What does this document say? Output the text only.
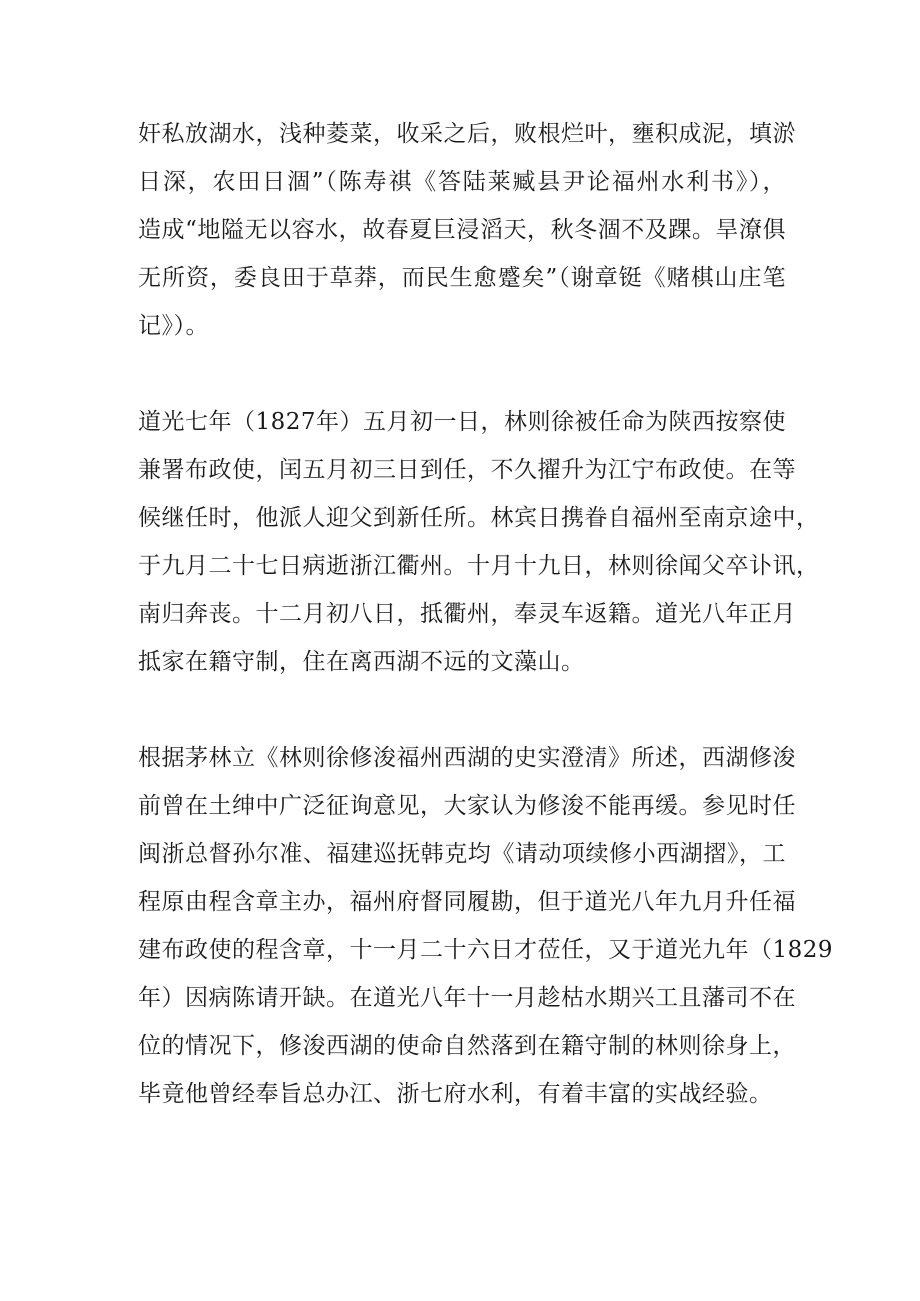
奸私放湖水，浅种菱菜，收采之后，败根烂叶，壅积成泥，填淤
日深，农田日涸”（陈寿祺《答陆莱臧县尹论福州水利书》），
造成“地隘无以容水，故春夏巨浸滔天，秋冬涸不及踝。旱潦俱
无所资，委良田于草莽，而民生愈蹙矣”（谢章铤《赌棋山庄笔
记》）。

道光七年（1827年）五月初一日，林则徐被任命为陕西按察使
兼署布政使，闰五月初三日到任，不久擢升为江宁布政使。在等
候继任时，他派人迎父到新任所。林宾日携眷自福州至南京途中，
于九月二十七日病逝浙江衢州。十月十九日，林则徐闻父卒讣讯，
南归奔丧。十二月初八日，抵衢州，奉灵车返籍。道光八年正月
抵家在籍守制，住在离西湖不远的文藻山。

根据茅林立《林则徐修浚福州西湖的史实澄清》所述，西湖修浚
前曾在土绅中广泛征询意见，大家认为修浚不能再缓。参见时任
闽浙总督孙尔准、福建巡抚韩克均《请动项续修小西湖摺》，工
程原由程含章主办，福州府督同履勘，但于道光八年九月升任福
建布政使的程含章，十一月二十六日才莅任，又于道光九年（1829
年）因病陈请开缺。在道光八年十一月趁枯水期兴工且藩司不在
位的情况下，修浚西湖的使命自然落到在籍守制的林则徐身上，
毕竟他曾经奉旨总办江、浙七府水利，有着丰富的实战经验。
